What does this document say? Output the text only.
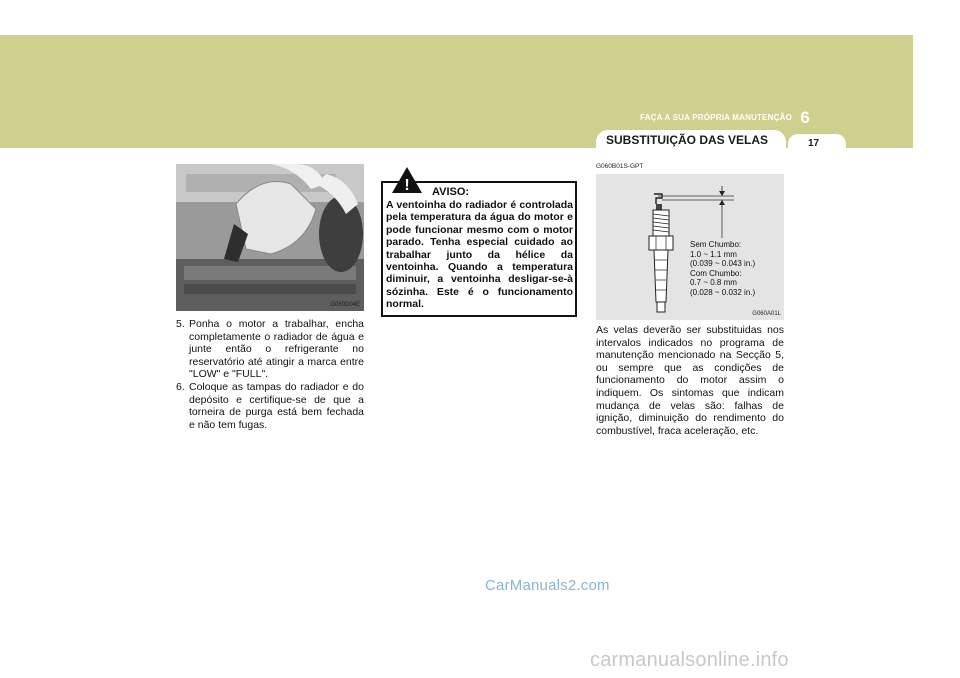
FAÇA A SUA PRÓPRIA MANUTENÇÃO 6
SUBSTITUIÇÃO DAS VELAS	17
G050D04E

5. Ponha o motor a trabalhar, encha completamente o radiador de água e junte então o refrigerante no reservatório até atingir a marca entre "LOW" e "FULL".

6. Coloque as tampas do radiador e do depósito e certifique-se de que a torneira de purga está bem fechada e não tem fugas.

! AVISO:
A ventoinha do radiador é controlada pela temperatura da água do motor e pode funcionar mesmo com o motor parado. Tenha especial cuidado ao trabalhar junto da hélice da ventoinha. Quando a temperatura diminuir, a ventoinha desligar-se-à sózinha. Este é o funcionamento normal.
G060B01S-GPT
Sem Chumbo:
1.0 ~ 1.1 mm
(0.039 ~ 0.043 in.)
Com Chumbo:
0.7 ~ 0.8 mm
(0.028 ~ 0.032 in.)
G060A01L
As velas deverão ser substituidas nos intervalos indicados no programa de manutenção mencionado na Secção 5, ou sempre que as condições de funcionamento do motor assim o indiquem. Os sintomas que indicam mudança de velas são: falhas de ignição, diminuição do rendimento do combustível, fraca aceleração, etc.
CarManuals2.com
carmanualsonline.info
